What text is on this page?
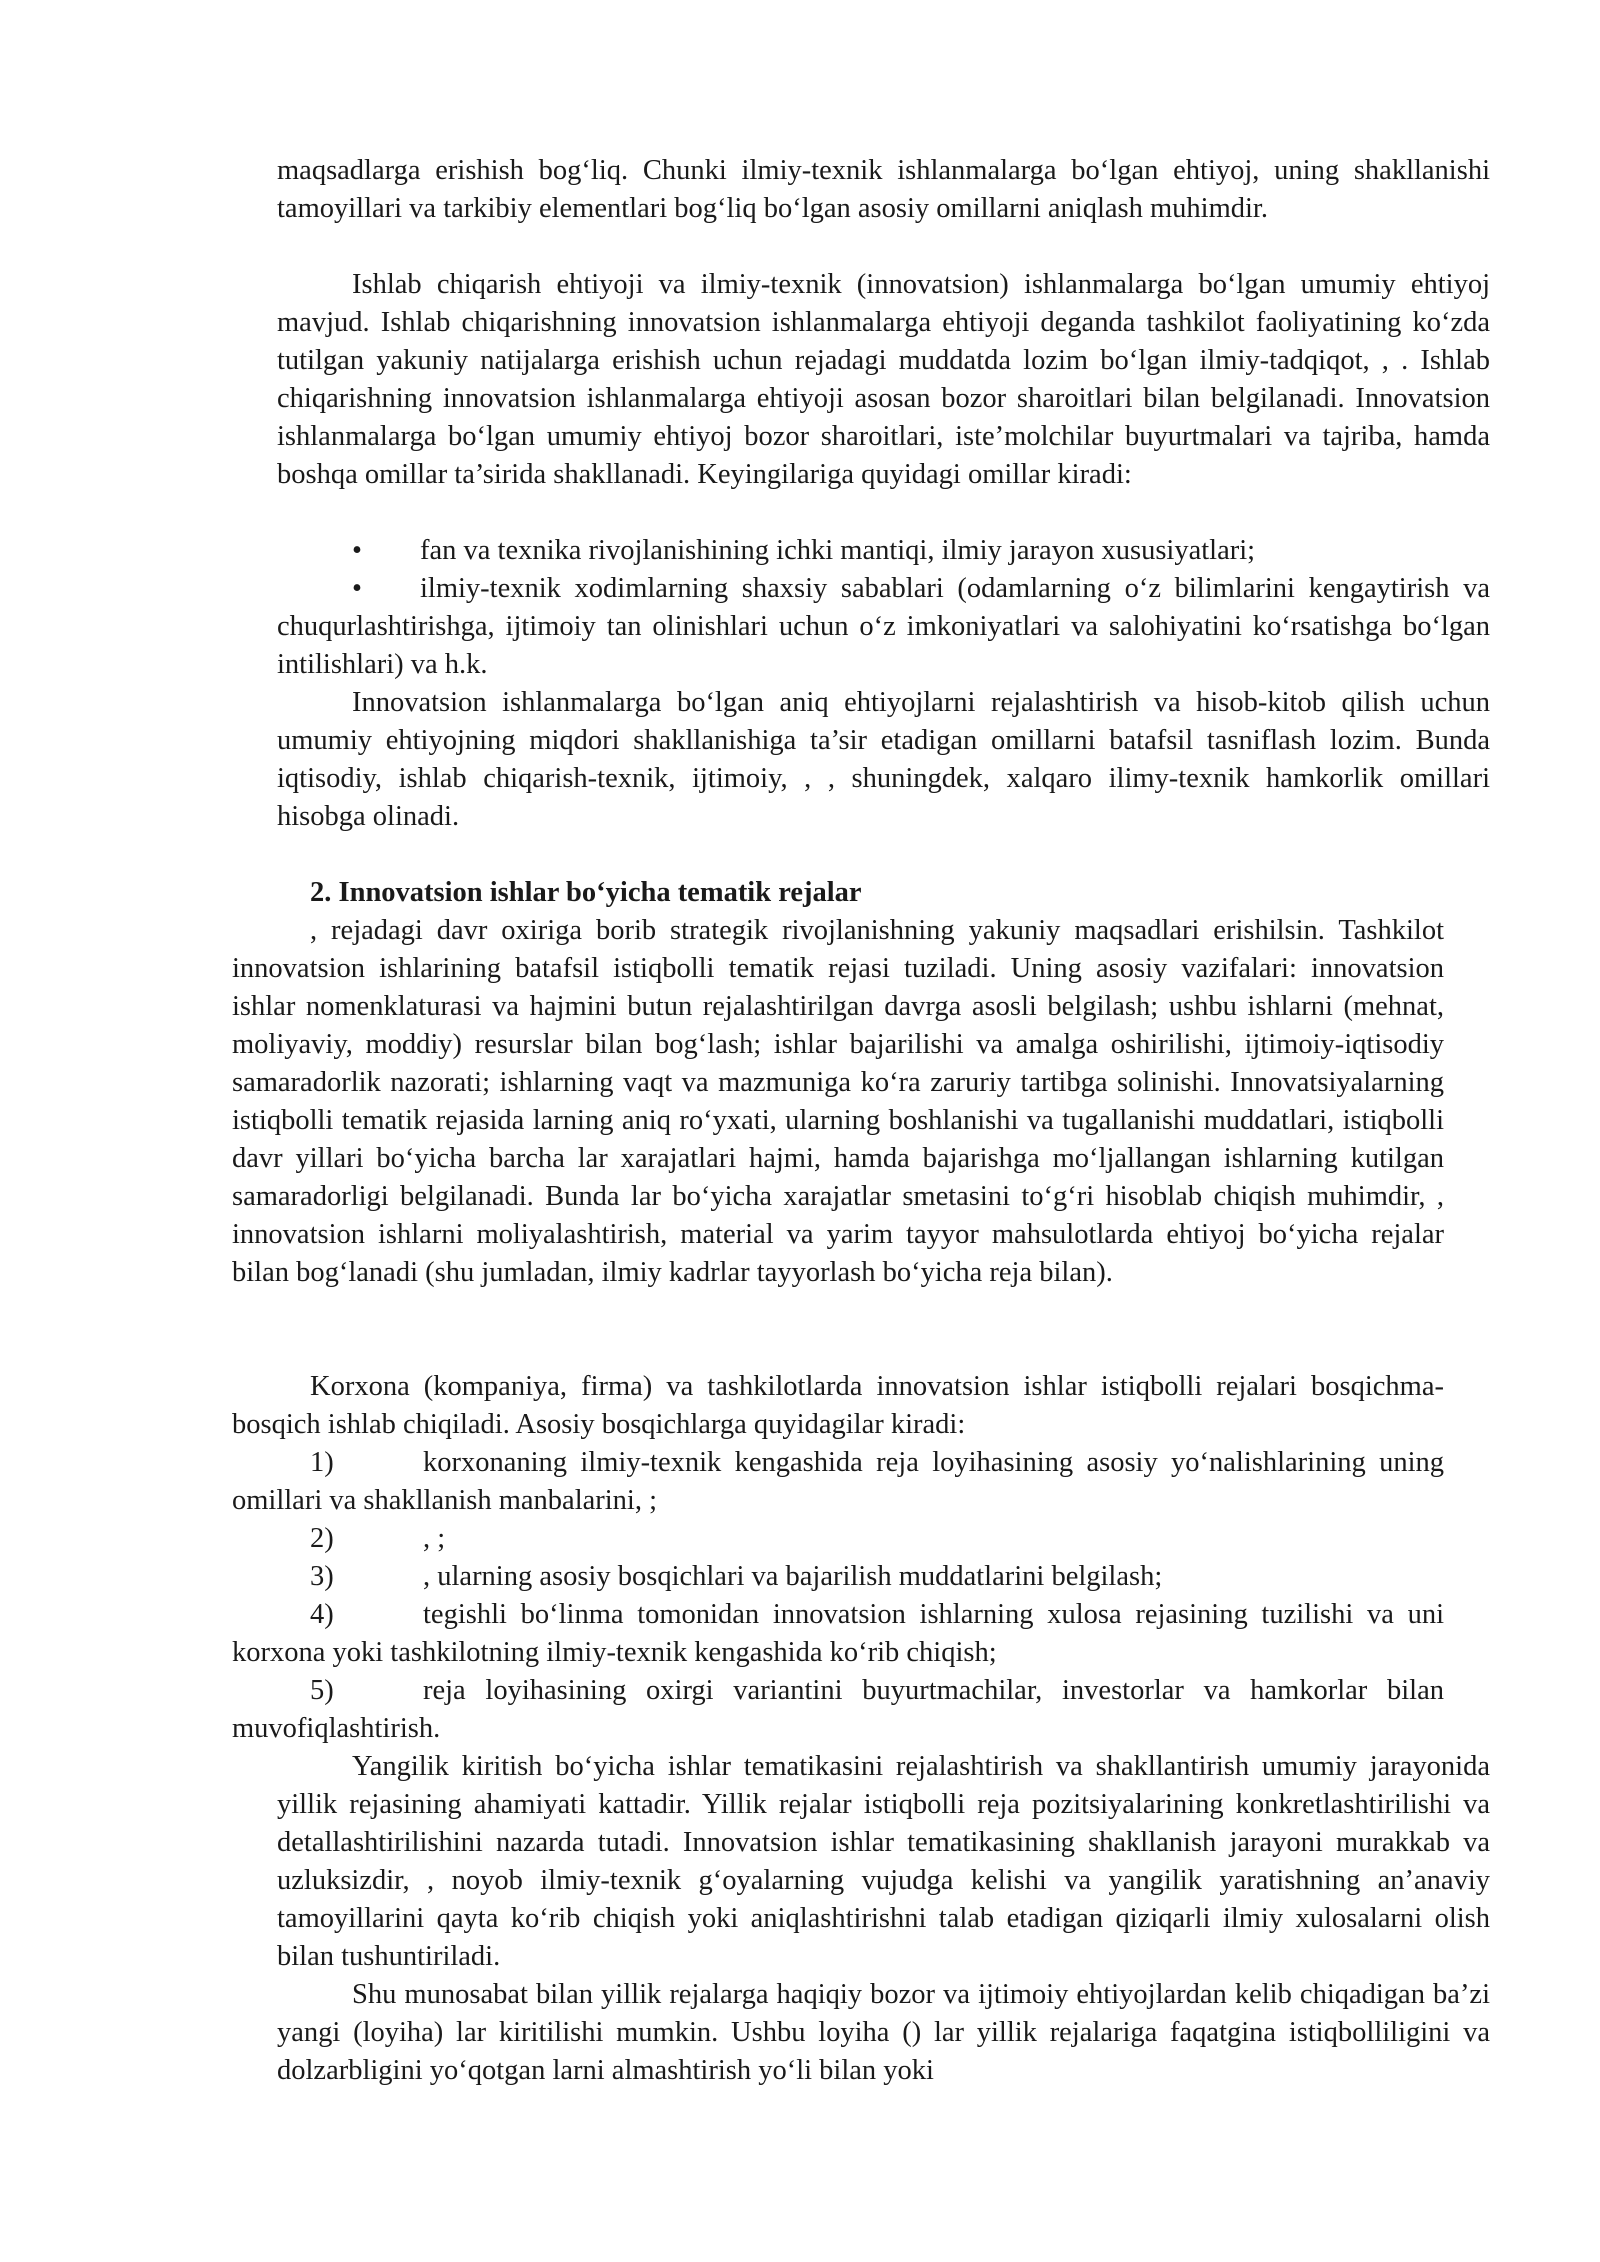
maqsadlarga erishish bog‘liq. Chunki ilmiy-texnik ishlanmalarga bo‘lgan ehtiyoj, uning shakllanishi tamoyillari va tarkibiy elementlari bog‘liq bo‘lgan asosiy omillarni aniqlash muhimdir.

Ishlab chiqarish ehtiyoji va ilmiy-texnik (innovatsion) ishlanmalarga bo‘lgan umumiy ehtiyoj mavjud. Ishlab chiqarishning innovatsion ishlanmalarga ehtiyoji deganda tashkilot faoliyatining ko‘zda tutilgan yakuniy natijalarga erishish uchun rejadagi muddatda lozim bo‘lgan ilmiy-tadqiqot, , . Ishlab chiqarishning innovatsion ishlanmalarga ehtiyoji asosan bozor sharoitlari bilan belgilanadi. Innovatsion ishlanmalarga bo‘lgan umumiy ehtiyoj bozor sharoitlari, iste’molchilar buyurtmalari va tajriba, hamda boshqa omillar ta’sirida shakllanadi. Keyingilariga quyidagi omillar kiradi:

• fan va texnika rivojlanishining ichki mantiqi, ilmiy jarayon xususiyatlari;

• ilmiy-texnik xodimlarning shaxsiy sabablari (odamlarning o‘z bilimlarini kengaytirish va chuqurlashtirishga, ijtimoiy tan olinishlari uchun o‘z imkoniyatlari va salohiyatini ko‘rsatishga bo‘lgan intilishlari) va h.k.

Innovatsion ishlanmalarga bo‘lgan aniq ehtiyojlarni rejalashtirish va hisob-kitob qilish uchun umumiy ehtiyojning miqdori shakllanishiga ta’sir etadigan omillarni batafsil tasniflash lozim. Bunda iqtisodiy, ishlab chiqarish-texnik, ijtimoiy, , , shuningdek, xalqaro ilimy-texnik hamkorlik omillari hisobga olinadi.

2. Innovatsion ishlar bo‘yicha tematik rejalar

, rejadagi davr oxiriga borib strategik rivojlanishning yakuniy maqsadlari erishilsin. Tashkilot innovatsion ishlarining batafsil istiqbolli tematik rejasi tuziladi. Uning asosiy vazifalari: innovatsion ishlar nomenklaturasi va hajmini butun rejalashtirilgan davrga asosli belgilash; ushbu ishlarni (mehnat, moliyaviy, moddiy) resurslar bilan bog‘lash; ishlar bajarilishi va amalga oshirilishi, ijtimoiy-iqtisodiy samaradorlik nazorati; ishlarning vaqt va mazmuniga ko‘ra zaruriy tartibga solinishi. Innovatsiyalarning istiqbolli tematik rejasida larning aniq ro‘yxati, ularning boshlanishi va tugallanishi muddatlari, istiqbolli davr yillari bo‘yicha barcha lar xarajatlari hajmi, hamda bajarishga mo‘ljallangan ishlarning kutilgan samaradorligi belgilanadi. Bunda lar bo‘yicha xarajatlar smetasini to‘g‘ri hisoblab chiqish muhimdir, , innovatsion ishlarni moliyalashtirish, material va yarim tayyor mahsulotlarda ehtiyoj bo‘yicha rejalar bilan bog‘lanadi (shu jumladan, ilmiy kadrlar tayyorlash bo‘yicha reja bilan).

Korxona (kompaniya, firma) va tashkilotlarda innovatsion ishlar istiqbolli rejalari bosqichma-bosqich ishlab chiqiladi. Asosiy bosqichlarga quyidagilar kiradi:

1)	korxonaning ilmiy-texnik kengashida reja loyihasining asosiy yo‘nalishlarining uning omillari va shakllanish manbalarini, ;

2)	, ;

3)	, ularning asosiy bosqichlari va bajarilish muddatlarini belgilash;

4)	tegishli bo‘linma tomonidan innovatsion ishlarning xulosa rejasining tuzilishi va uni korxona yoki tashkilotning ilmiy-texnik kengashida ko‘rib chiqish;

5)	reja loyihasining oxirgi variantini buyurtmachilar, investorlar va hamkorlar bilan muvofiqlashtirish.

Yangilik kiritish bo‘yicha ishlar tematikasini rejalashtirish va shakllantirish umumiy jarayonida yillik rejasining ahamiyati kattadir. Yillik rejalar istiqbolli reja pozitsiyalarining konkretlashtirilishi va detallashtirilishini nazarda tutadi. Innovatsion ishlar tematikasining shakllanish jarayoni murakkab va uzluksizdir, , noyob ilmiy-texnik g‘oyalarning vujudga kelishi va yangilik yaratishning an’anaviy tamoyillarini qayta ko‘rib chiqish yoki aniqlashtirishni talab etadigan qiziqarli ilmiy xulosalarni olish bilan tushuntiriladi.

Shu munosabat bilan yillik rejalarga haqiqiy bozor va ijtimoiy ehtiyojlardan kelib chiqadigan ba’zi yangi (loyiha) lar kiritilishi mumkin. Ushbu loyiha () lar yillik rejalariga faqatgina istiqbolliligini va dolzarbligini yo‘qotgan larni almashtirish yo‘li bilan yoki
